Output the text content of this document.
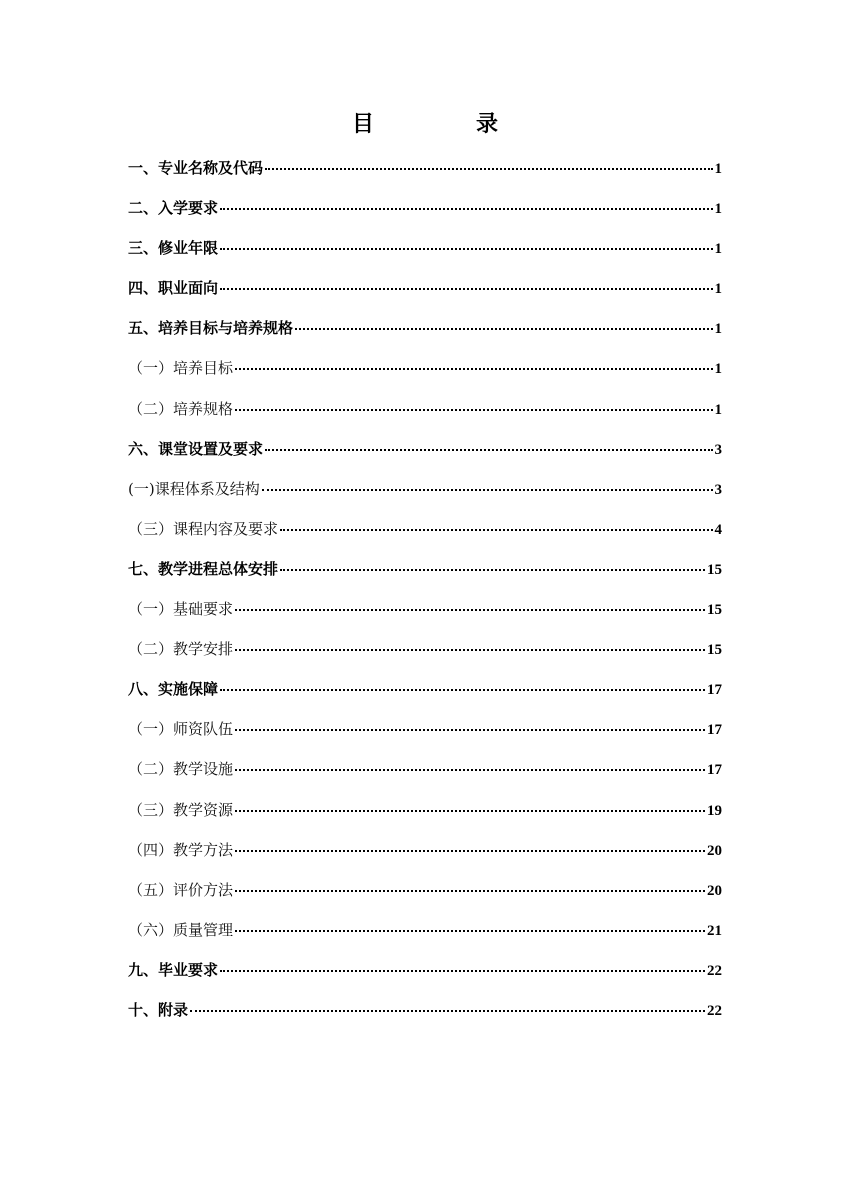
目　录
一、专业名称及代码	1
二、入学要求	1
三、修业年限	1
四、职业面向	1
五、培养目标与培养规格	1
（一）培养目标	1
（二）培养规格	1
六、课堂设置及要求	3
(一)课程体系及结构	3
（三）课程内容及要求	4
七、教学进程总体安排	15
（一）基础要求	15
（二）教学安排	15
八、实施保障	17
（一）师资队伍	17
（二）教学设施	17
（三）教学资源	19
（四）教学方法	20
（五）评价方法	20
（六）质量管理	21
九、毕业要求	22
十、附录	22
